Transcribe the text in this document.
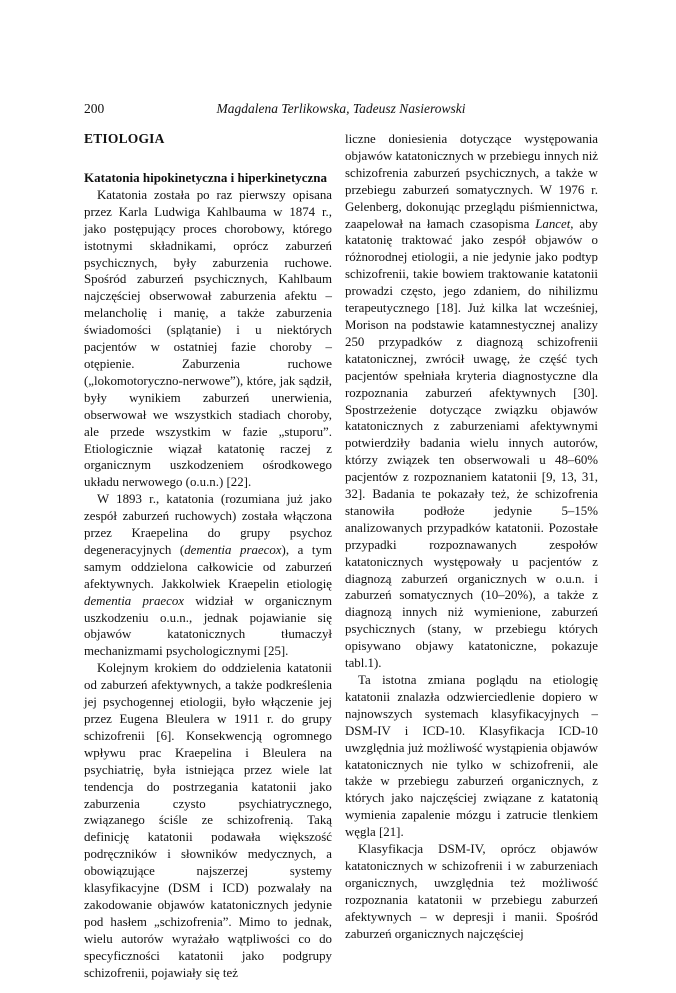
Magdalena Terlikowska, Tadeusz Nasierowski
200
ETIOLOGIA
Katatonia hipokinetyczna i hiperkinetyczna

Katatonia została po raz pierwszy opisana przez Karla Ludwiga Kahlbauma w 1874 r., jako postępujący proces chorobowy, którego istotnymi składnikami, oprócz zaburzeń psychicznych, były zaburzenia ruchowe. Spośród zaburzeń psychicznych, Kahlbaum najczęściej obserwował zaburzenia afektu – melancholię i manię, a także zaburzenia świadomości (splątanie) i u niektórych pacjentów w ostatniej fazie choroby – otępienie. Zaburzenia ruchowe („lokomotoryczno-nerwowe”), które, jak sądził, były wynikiem zaburzeń unerwienia, obserwował we wszystkich stadiach choroby, ale przede wszystkim w fazie „stuporu”. Etiologicznie wiązał katatonię raczej z organicznym uszkodzeniem ośrodkowego układu nerwowego (o.u.n.) [22].

W 1893 r., katatonia (rozumiana już jako zespół zaburzeń ruchowych) została włączona przez Kraepelina do grupy psychoz degeneracyjnych (dementia praecox), a tym samym oddzielona całkowicie od zaburzeń afektywnych. Jakkolwiek Kraepelin etiologię dementia praecox widział w organicznym uszkodzeniu o.u.n., jednak pojawianie się objawów katatonicznych tłumaczył mechanizmami psychologicznymi [25].

Kolejnym krokiem do oddzielenia katatonii od zaburzeń afektywnych, a także podkreślenia jej psychogennej etiologii, było włączenie jej przez Eugena Bleulera w 1911 r. do grupy schizofrenii [6]. Konsekwencją ogromnego wpływu prac Kraepelina i Bleulera na psychiatrię, była istniejąca przez wiele lat tendencja do postrzegania katatonii jako zaburzenia czysto psychiatrycznego, związanego ściśle ze schizofrenią. Taką definicję katatonii podawała większość podręczników i słowników medycznych, a obowiązujące najszerzej systemy klasyfikacyjne (DSM i ICD) pozwalały na zakodowanie objawów katatonicznych jedynie pod hasłem „schizofrenia”. Mimo to jednak, wielu autorów wyrażało wątpliwości co do specyficzności katatonii jako podgrupy schizofrenii, pojawiały się też

liczne doniesienia dotyczące występowania objawów katatonicznych w przebiegu innych niż schizofrenia zaburzeń psychicznych, a także w przebiegu zaburzeń somatycznych. W 1976 r. Gelenberg, dokonując przeglądu piśmiennictwa, zaapelował na łamach czasopisma Lancet, aby katatonię traktować jako zespół objawów o różnorodnej etiologii, a nie jedynie jako podtyp schizofrenii, takie bowiem traktowanie katatonii prowadzi często, jego zdaniem, do nihilizmu terapeutycznego [18]. Już kilka lat wcześniej, Morison na podstawie katamnestycznej analizy 250 przypadków z diagnozą schizofrenii katatonicznej, zwrócił uwagę, że część tych pacjentów spełniała kryteria diagnostyczne dla rozpoznania zaburzeń afektywnych [30]. Spostrzeżenie dotyczące związku objawów katatonicznych z zaburzeniami afektywnymi potwierdziły badania wielu innych autorów, którzy związek ten obserwowali u 48–60% pacjentów z rozpoznaniem katatonii [9, 13, 31, 32]. Badania te pokazały też, że schizofrenia stanowiła podłoże jedynie 5–15% analizowanych przypadków katatonii. Pozostałe przypadki rozpoznawanych zespołów katatonicznych występowały u pacjentów z diagnozą zaburzeń organicznych w o.u.n. i zaburzeń somatycznych (10–20%), a także z diagnozą innych niż wymienione, zaburzeń psychicznych (stany, w przebiegu których opisywano objawy katatoniczne, pokazuje tabl.1).

Ta istotna zmiana poglądu na etiologię katatonii znalazła odzwierciedlenie dopiero w najnowszych systemach klasyfikacyjnych – DSM-IV i ICD-10. Klasyfikacja ICD-10 uwzględnia już możliwość wystąpienia objawów katatonicznych nie tylko w schizofrenii, ale także w przebiegu zaburzeń organicznych, z których jako najczęściej związane z katatonią wymienia zapalenie mózgu i zatrucie tlenkiem węgla [21].

Klasyfikacja DSM-IV, oprócz objawów katatonicznych w schizofrenii i w zaburzeniach organicznych, uwzględnia też możliwość rozpoznania katatonii w przebiegu zaburzeń afektywnych – w depresji i manii. Spośród zaburzeń organicznych najczęściej
